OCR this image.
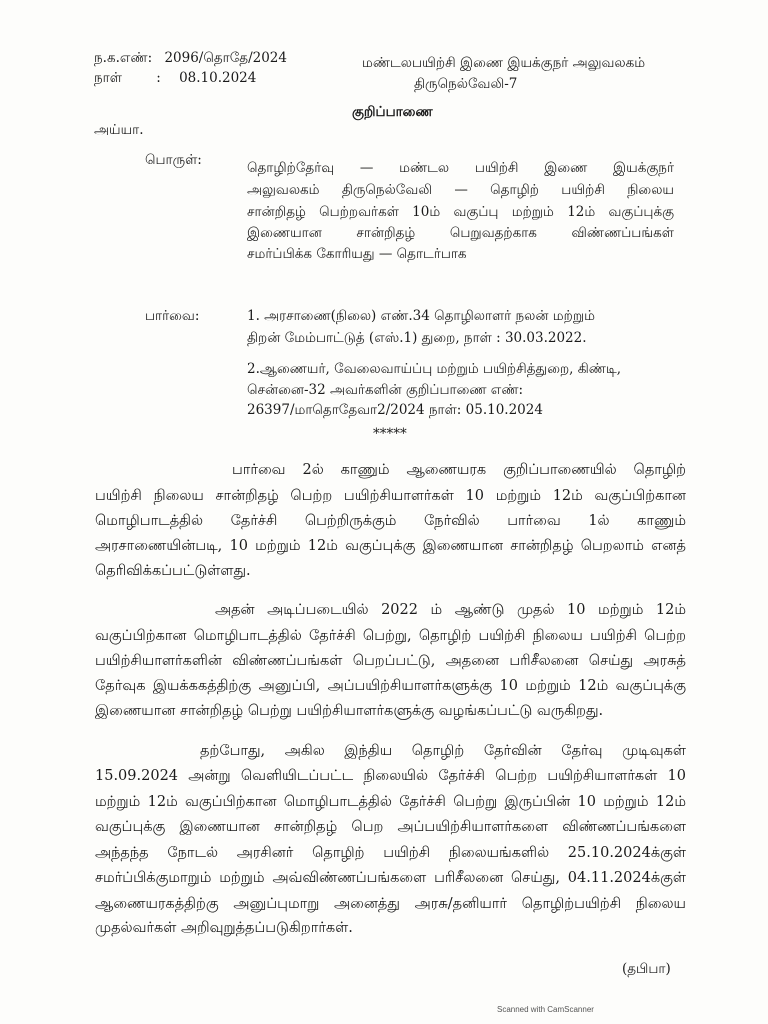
ந.க.எண்: 2096/தொதே/2024
நாள்	: 08.10.2024
மண்டலபயிற்சி இணை இயக்குநர் அலுவலகம்
திருநெல்வேலி-7
குறிப்பாணை
அய்யா.
பொருள்:	தொழிற்தேர்வு — மண்டல பயிற்சி இணை இயக்குநர்
அலுவலகம் திருநெல்வேலி — தொழிற் பயிற்சி நிலைய
சான்றிதழ் பெற்றவர்கள் 10ம் வகுப்பு மற்றும் 12ம் வகுப்புக்கு
இணையான சான்றிதழ் பெறுவதற்காக விண்ணப்பங்கள்
சமர்ப்பிக்க கோரியது — தொடர்பாக
பார்வை:	1. அரசாணை(நிலை) எண்.34 தொழிலாளர் நலன் மற்றும்
திறன் மேம்பாட்டுத் (எஸ்.1) துறை, நாள் : 30.03.2022.
2.ஆணையர், வேலைவாய்ப்பு மற்றும் பயிற்சித்துறை, கிண்டி,
சென்னை-32 அவர்களின் குறிப்பாணை எண்:
26397/மாதொதேவா2/2024 நாள்: 05.10.2024
*****
பார்வை 2ல் காணும் ஆணையரக குறிப்பாணையில் தொழிற்
பயிற்சி நிலைய சான்றிதழ் பெற்ற பயிற்சியாளர்கள் 10 மற்றும் 12ம் வகுப்பிற்கான
மொழிபாடத்தில் தேர்ச்சி பெற்றிருக்கும் நேர்வில் பார்வை 1ல் காணும்
அரசாணையின்படி, 10 மற்றும் 12ம் வகுப்புக்கு இணையான சான்றிதழ் பெறலாம் எனத்
தெரிவிக்கப்பட்டுள்ளது.
அதன் அடிப்படையில் 2022 ம் ஆண்டு முதல் 10 மற்றும் 12ம்
வகுப்பிற்கான மொழிபாடத்தில் தேர்ச்சி பெற்று, தொழிற் பயிற்சி நிலைய பயிற்சி பெற்ற
பயிற்சியாளர்களின் விண்ணப்பங்கள் பெறப்பட்டு, அதனை பரிசீலனை செய்து அரசுத்
தேர்வுக இயக்ககத்திற்கு அனுப்பி, அப்பயிற்சியாளர்களுக்கு 10 மற்றும் 12ம் வகுப்புக்கு
இணையான சான்றிதழ் பெற்று பயிற்சியாளர்களுக்கு வழங்கப்பட்டு வருகிறது.
தற்போது, அகில இந்திய தொழிற் தேர்வின் தேர்வு முடிவுகள்
15.09.2024 அன்று வெளியிடப்பட்ட நிலையில் தேர்ச்சி பெற்ற பயிற்சியாளர்கள் 10
மற்றும் 12ம் வகுப்பிற்கான மொழிபாடத்தில் தேர்ச்சி பெற்று இருப்பின் 10 மற்றும் 12ம்
வகுப்புக்கு இணையான சான்றிதழ் பெற அப்பயிற்சியாளர்களை விண்ணப்பங்களை
அந்தந்த நோடல் அரசினர் தொழிற் பயிற்சி நிலையங்களில் 25.10.2024க்குள்
சமர்ப்பிக்குமாறும் மற்றும் அவ்விண்ணப்பங்களை பரிசீலனை செய்து, 04.11.2024க்குள்
ஆணையரகத்திற்கு அனுப்புமாறு அனைத்து அரசு/தனியார் தொழிற்பயிற்சி நிலைய
முதல்வர்கள் அறிவுறுத்தப்படுகிறார்கள்.
(தபிபா)
Scanned with CamScanner
